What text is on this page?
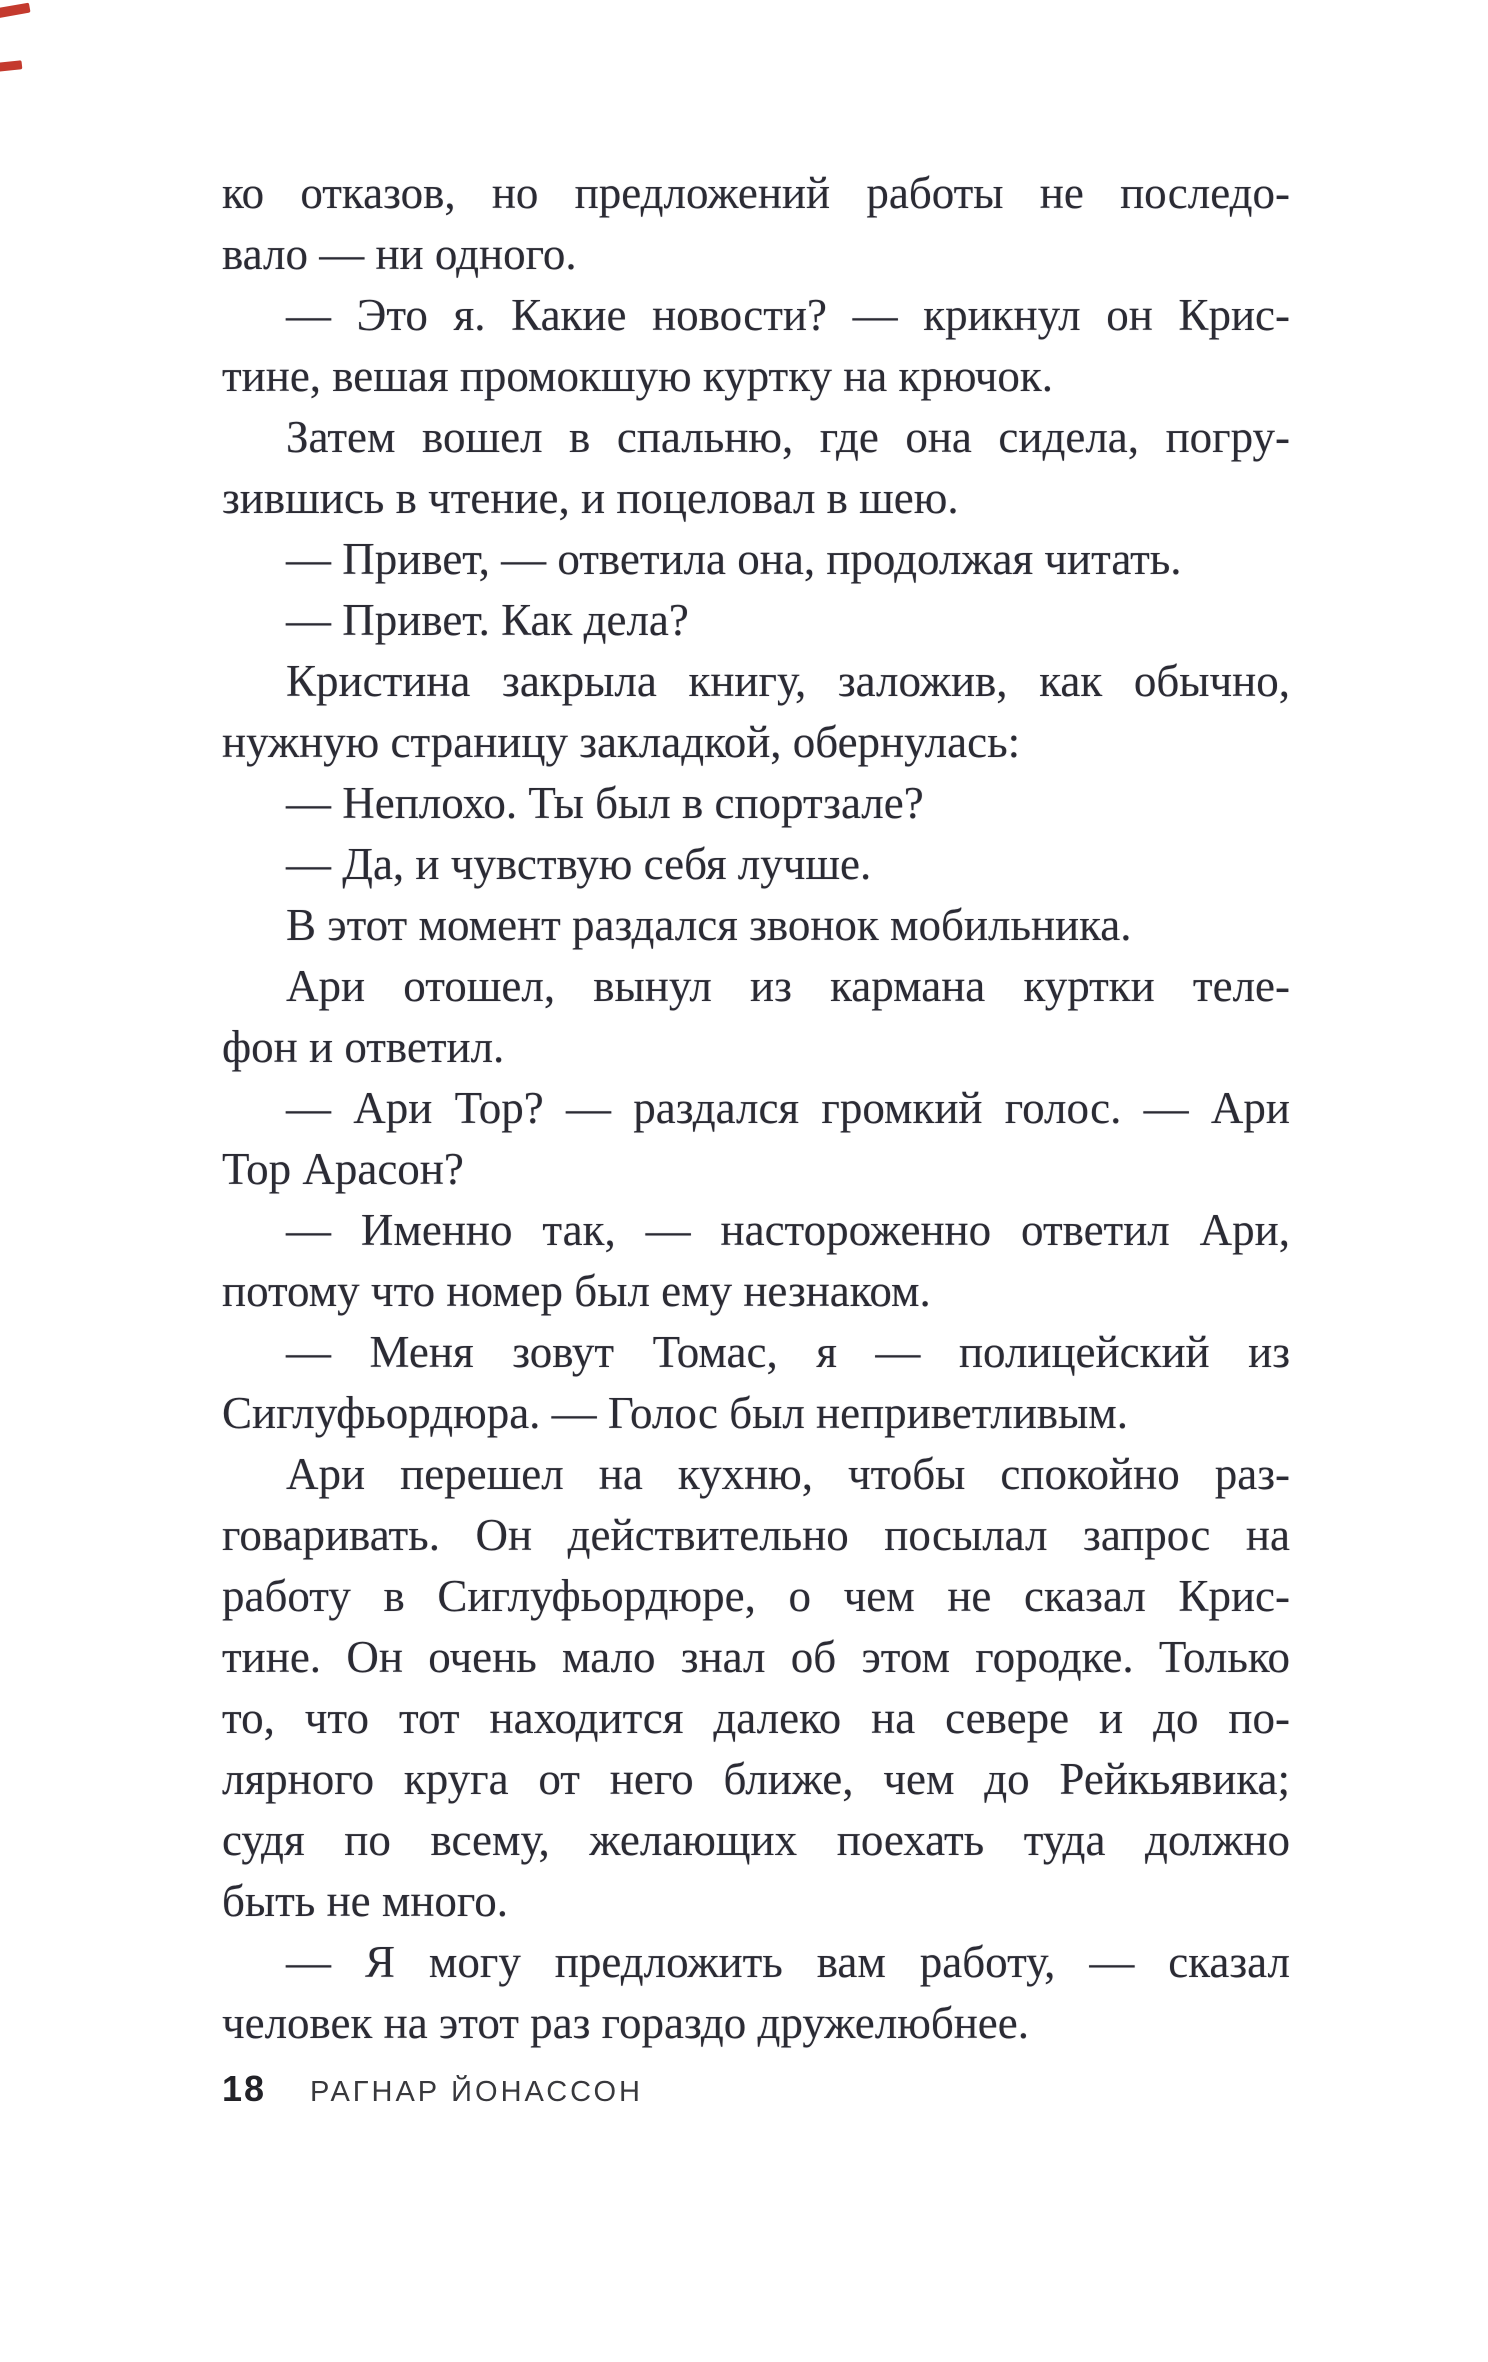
ко отказов, но предложений работы не последо-
вало — ни одного.
— Это я. Какие новости? — крикнул он Крис-
тине, вешая промокшую куртку на крючок.
Затем вошел в спальню, где она сидела, погру-
зившись в чтение, и поцеловал в шею.
— Привет, — ответила она, продолжая читать.
— Привет. Как дела?
Кристина закрыла книгу, заложив, как обычно,
нужную страницу закладкой, обернулась:
— Неплохо. Ты был в спортзале?
— Да, и чувствую себя лучше.
В этот момент раздался звонок мобильника.
Ари отошел, вынул из кармана куртки теле-
фон и ответил.
— Ари Тор? — раздался громкий голос. — Ари
Тор Арасон?
— Именно так, — настороженно ответил Ари,
потому что номер был ему незнаком.
— Меня зовут Томас, я — полицейский из
Сиглуфьордюра. — Голос был неприветливым.
Ари перешел на кухню, чтобы спокойно раз-
говаривать. Он действительно посылал запрос на
работу в Сиглуфьордюре, о чем не сказал Крис-
тине. Он очень мало знал об этом городке. Только
то, что тот находится далеко на севере и до по-
лярного круга от него ближе, чем до Рейкьявика;
судя по всему, желающих поехать туда должно
быть не много.
— Я могу предложить вам работу, — сказал
человек на этот раз гораздо дружелюбнее.
18 РАГНАР ЙОНАССОН
